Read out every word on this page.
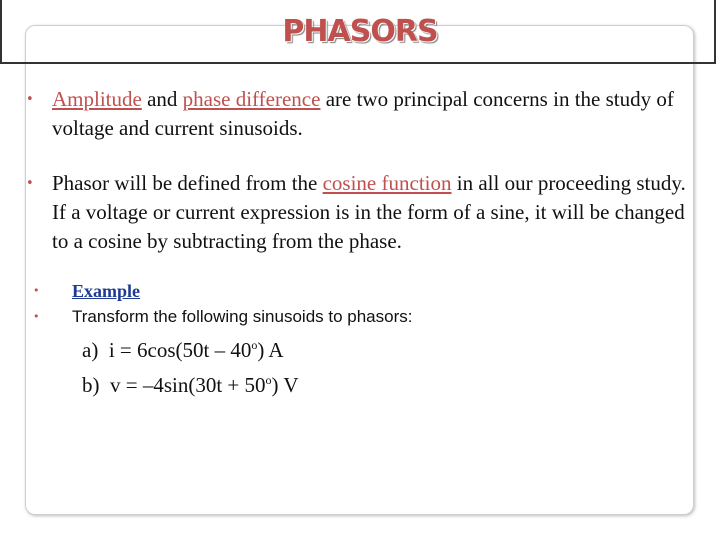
PHASORS
• Amplitude and phase difference are two principal concerns in the study of voltage and current sinusoids.
• Phasor will be defined from the cosine function in all our proceeding study. If a voltage or current expression is in the form of a sine, it will be changed to a cosine by subtracting from the phase.
• Example
• Transform the following sinusoids to phasors:
a) i = 6cos(50t – 40$^o$) A
b) $v = -4\sin(30t + 50^o)$ V
